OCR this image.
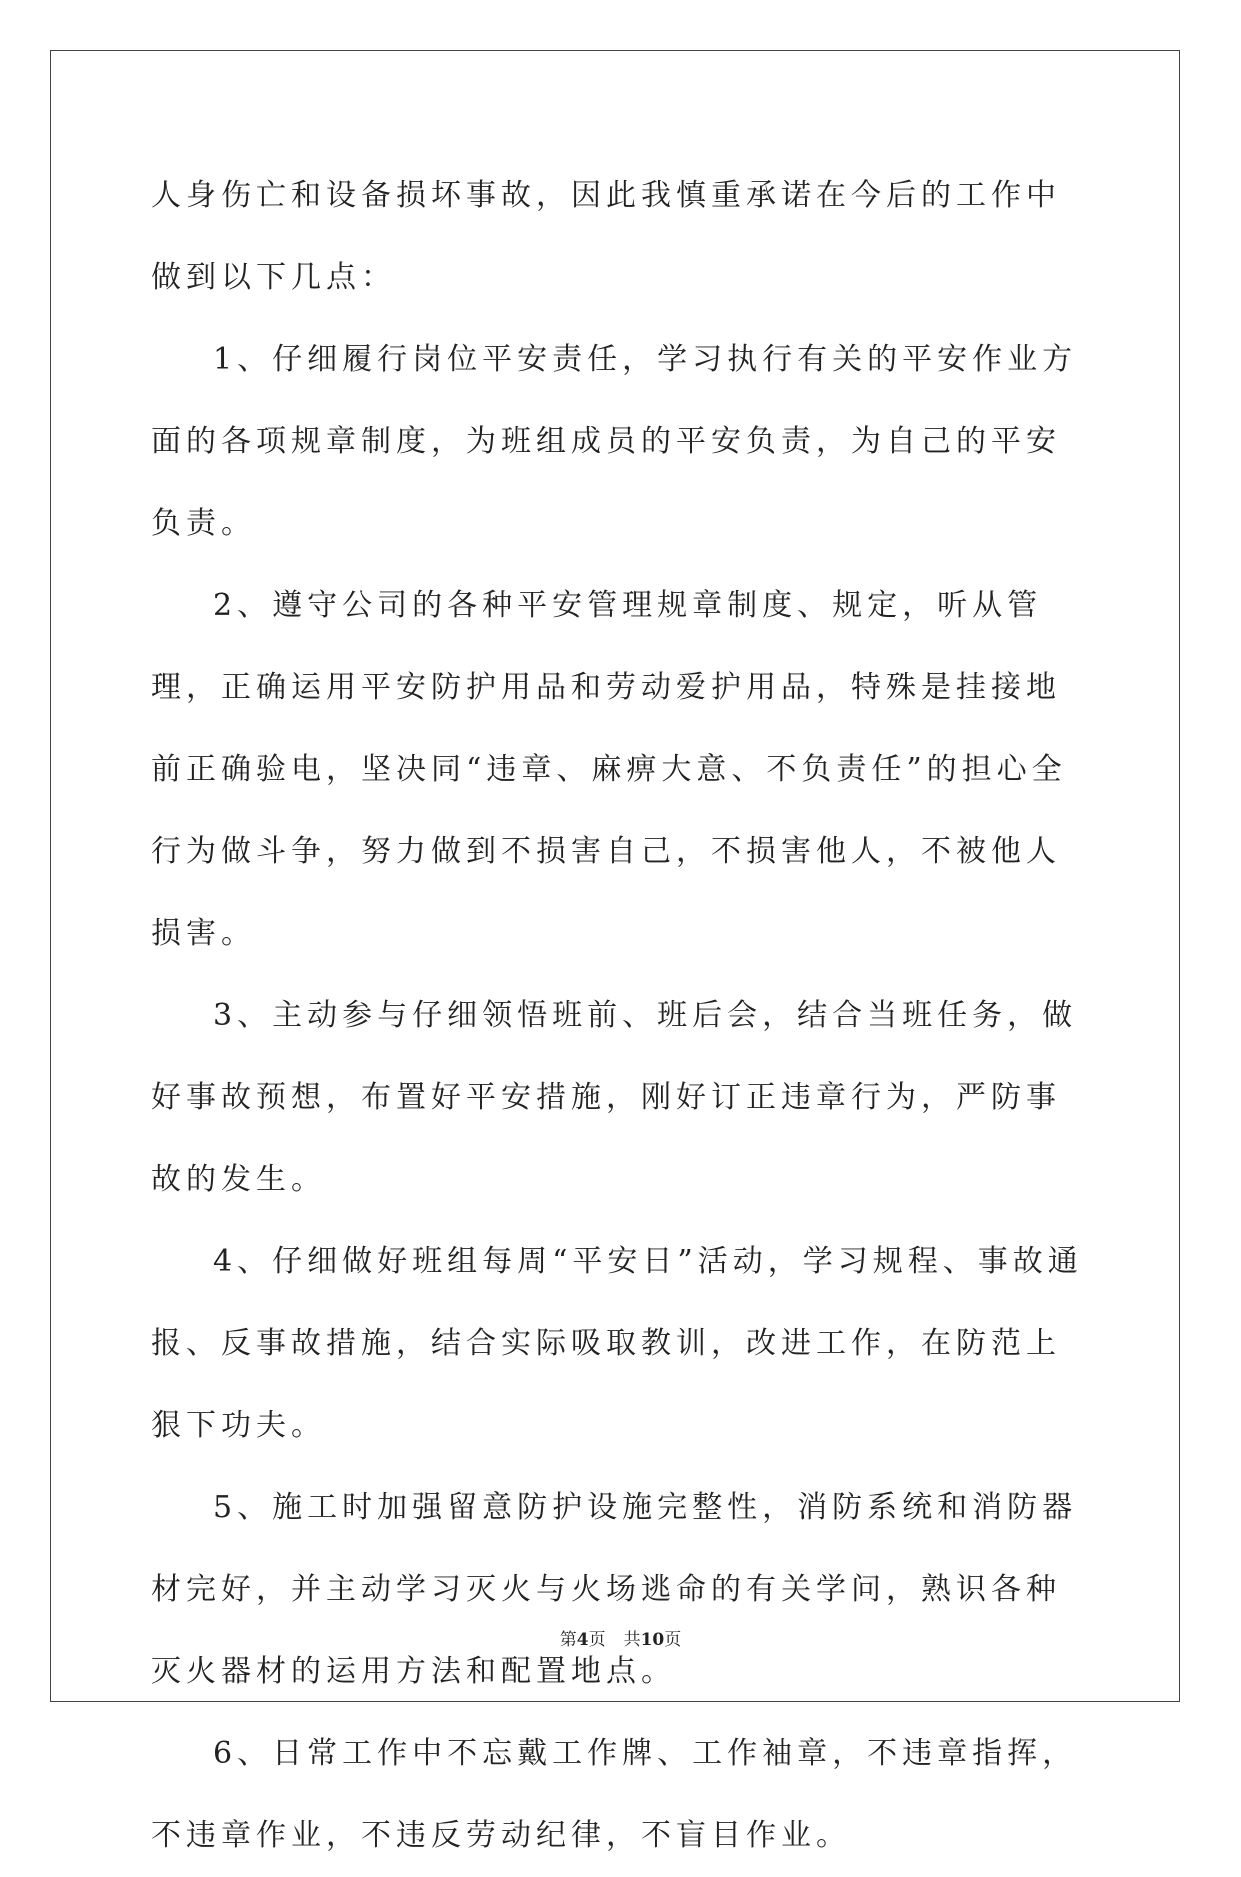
人身伤亡和设备损坏事故，因此我慎重承诺在今后的工作中做到以下几点：

1、仔细履行岗位平安责任，学习执行有关的平安作业方面的各项规章制度，为班组成员的平安负责，为自己的平安负责。

2、遵守公司的各种平安管理规章制度、规定，听从管理，正确运用平安防护用品和劳动爱护用品，特殊是挂接地前正确验电，坚决同“违章、麻痹大意、不负责任”的担心全行为做斗争，努力做到不损害自己，不损害他人，不被他人损害。

3、主动参与仔细领悟班前、班后会，结合当班任务，做好事故预想，布置好平安措施，刚好订正违章行为，严防事故的发生。

4、仔细做好班组每周“平安日”活动，学习规程、事故通报、反事故措施，结合实际吸取教训，改进工作，在防范上狠下功夫。

5、施工时加强留意防护设施完整性，消防系统和消防器材完好，并主动学习灭火与火场逃命的有关学问，熟识各种灭火器材的运用方法和配置地点。

6、日常工作中不忘戴工作牌、工作袖章，不违章指挥，不违章作业，不违反劳动纪律，不盲目作业。

第4页 共10页
